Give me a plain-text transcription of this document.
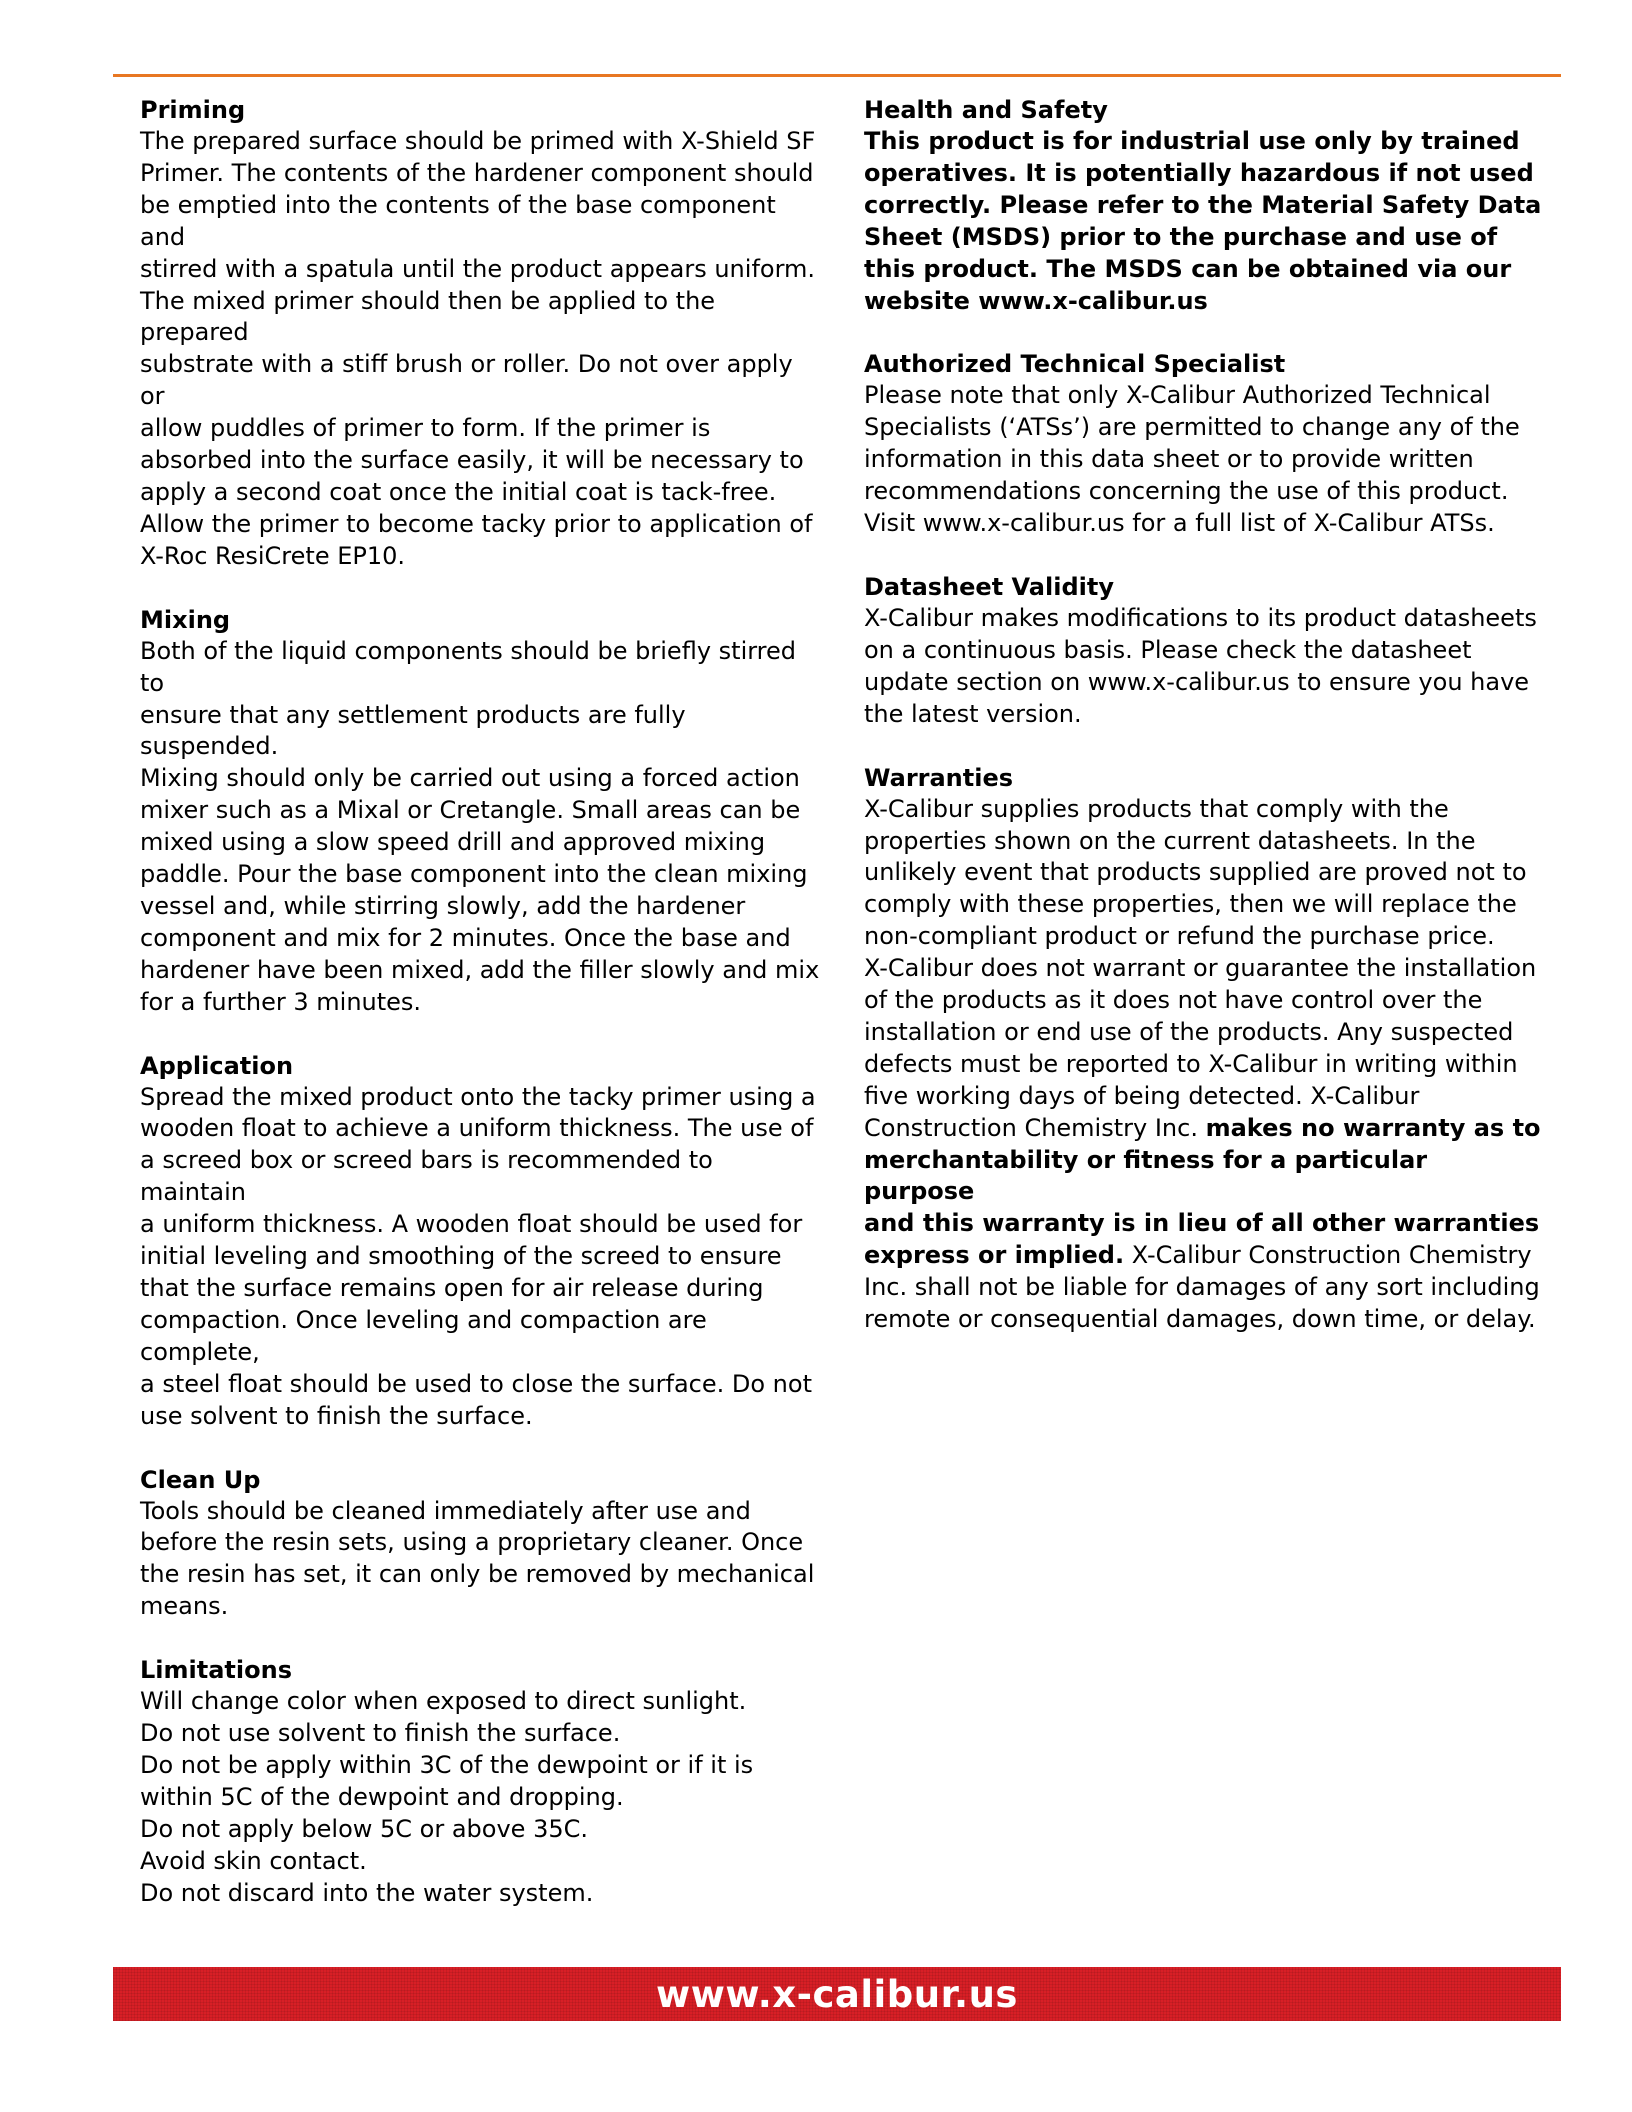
Priming

The prepared surface should be primed with X-Shield SF
Primer. The contents of the hardener component should
be emptied into the contents of the base component and
stirred with a spatula until the product appears uniform.
The mixed primer should then be applied to the prepared
substrate with a stiff brush or roller. Do not over apply or
allow puddles of primer to form. If the primer is
absorbed into the surface easily, it will be necessary to
apply a second coat once the initial coat is tack-free.
Allow the primer to become tacky prior to application of
X-Roc ResiCrete EP10.

Mixing

Both of the liquid components should be briefly stirred to
ensure that any settlement products are fully suspended.
Mixing should only be carried out using a forced action
mixer such as a Mixal or Cretangle. Small areas can be
mixed using a slow speed drill and approved mixing
paddle. Pour the base component into the clean mixing
vessel and, while stirring slowly, add the hardener
component and mix for 2 minutes. Once the base and
hardener have been mixed, add the filler slowly and mix
for a further 3 minutes.

Application

Spread the mixed product onto the tacky primer using a
wooden float to achieve a uniform thickness. The use of
a screed box or screed bars is recommended to maintain
a uniform thickness. A wooden float should be used for
initial leveling and smoothing of the screed to ensure
that the surface remains open for air release during
compaction. Once leveling and compaction are complete,
a steel float should be used to close the surface. Do not
use solvent to finish the surface.

Clean Up

Tools should be cleaned immediately after use and
before the resin sets, using a proprietary cleaner. Once
the resin has set, it can only be removed by mechanical
means.

Limitations

Will change color when exposed to direct sunlight.
Do not use solvent to finish the surface.
Do not be apply within 3C of the dewpoint or if it is
within 5C of the dewpoint and dropping.
Do not apply below 5C or above 35C.
Avoid skin contact.
Do not discard into the water system.

Health and Safety

This product is for industrial use only by trained
operatives. It is potentially hazardous if not used
correctly. Please refer to the Material Safety Data
Sheet (MSDS) prior to the purchase and use of
this product. The MSDS can be obtained via our
website www.x-calibur.us

Authorized Technical Specialist

Please note that only X-Calibur Authorized Technical
Specialists (‘ATSs’) are permitted to change any of the
information in this data sheet or to provide written
recommendations concerning the use of this product.
Visit www.x-calibur.us for a full list of X-Calibur ATSs.

Datasheet Validity

X-Calibur makes modifications to its product datasheets
on a continuous basis. Please check the datasheet
update section on www.x-calibur.us to ensure you have
the latest version.

Warranties

X-Calibur supplies products that comply with the
properties shown on the current datasheets. In the
unlikely event that products supplied are proved not to
comply with these properties, then we will replace the
non-compliant product or refund the purchase price.
X-Calibur does not warrant or guarantee the installation
of the products as it does not have control over the
installation or end use of the products. Any suspected
defects must be reported to X-Calibur in writing within
five working days of being detected. X-Calibur
Construction Chemistry Inc. makes no warranty as to
merchantability or fitness for a particular purpose
and this warranty is in lieu of all other warranties
express or implied. X-Calibur Construction Chemistry
Inc. shall not be liable for damages of any sort including
remote or consequential damages, down time, or delay.

www.x-calibur.us
